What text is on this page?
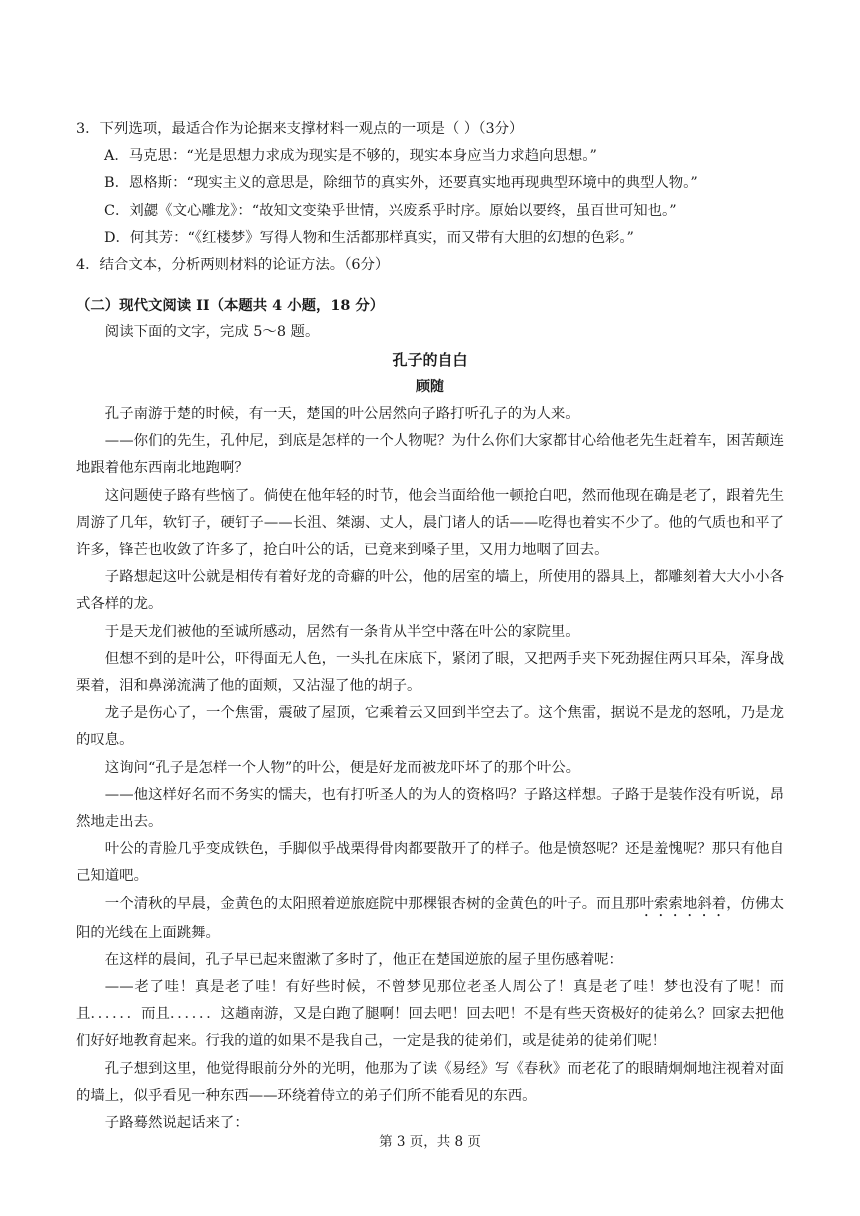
3．下列选项，最适合作为论据来支撑材料一观点的一项是（ ）（3分）

A．马克思：“光是思想力求成为现实是不够的，现实本身应当力求趋向思想。”

B．恩格斯：“现实主义的意思是，除细节的真实外，还要真实地再现典型环境中的典型人物。”

C．刘勰《文心雕龙》：“故知文变染乎世情，兴废系乎时序。原始以要终，虽百世可知也。”

D．何其芳：“《红楼梦》写得人物和生活都那样真实，而又带有大胆的幻想的色彩。”

4．结合文本，分析两则材料的论证方法。（6分）

（二）现代文阅读 II（本题共 4 小题，18 分）

阅读下面的文字，完成 5～8 题。

孔子的自白

顾随

孔子南游于楚的时候，有一天，楚国的叶公居然向子路打听孔子的为人来。

——你们的先生，孔仲尼，到底是怎样的一个人物呢？为什么你们大家都甘心给他老先生赶着车，困苦颠连地跟着他东西南北地跑啊？

这问题使子路有些恼了。倘使在他年轻的时节，他会当面给他一顿抢白吧，然而他现在确是老了，跟着先生周游了几年，软钉子，硬钉子——长沮、桀溺、丈人，晨门诸人的话——吃得也着实不少了。他的气质也和平了许多，锋芒也收敛了许多了，抢白叶公的话，已竟来到嗓子里，又用力地咽了回去。

子路想起这叶公就是相传有着好龙的奇癖的叶公，他的居室的墙上，所使用的器具上，都雕刻着大大小小各式各样的龙。

于是天龙们被他的至诚所感动，居然有一条肯从半空中落在叶公的家院里。

但想不到的是叶公，吓得面无人色，一头扎在床底下，紧闭了眼，又把两手夹下死劲握住两只耳朵，浑身战栗着，泪和鼻涕流满了他的面颊，又沾湿了他的胡子。

龙子是伤心了，一个焦雷，震破了屋顶，它乘着云又回到半空去了。这个焦雷，据说不是龙的怒吼，乃是龙的叹息。

这询问“孔子是怎样一个人物”的叶公，便是好龙而被龙吓坏了的那个叶公。

——他这样好名而不务实的懦夫，也有打听圣人的为人的资格吗？子路这样想。子路于是装作没有听说，昂然地走出去。

叶公的青脸几乎变成铁色，手脚似乎战栗得骨肉都要散开了的样子。他是愤怒呢？还是羞愧呢？那只有他自己知道吧。

一个清秋的早晨，金黄色的太阳照着逆旅庭院中那棵银杏树的金黄色的叶子。而且那叶索索地斜着，仿佛太阳的光线在上面跳舞。

在这样的晨间，孔子早已起来盥漱了多时了，他正在楚国逆旅的屋子里伤感着呢：

——老了哇！真是老了哇！有好些时候，不曾梦见那位老圣人周公了！真是老了哇！梦也没有了呢！而且．．．．．．而且．．．．．．这趟南游，又是白跑了腿啊！回去吧！回去吧！不是有些天资极好的徒弟么？回家去把他们好好地教育起来。行我的道的如果不是我自己，一定是我的徒弟们，或是徒弟的徒弟们呢！

孔子想到这里，他觉得眼前分外的光明，他那为了读《易经》写《春秋》而老花了的眼睛炯炯地注视着对面的墙上，似乎看见一种东西——环绕着侍立的弟子们所不能看见的东西。

子路蓦然说起话来了：

第 3 页，共 8 页
